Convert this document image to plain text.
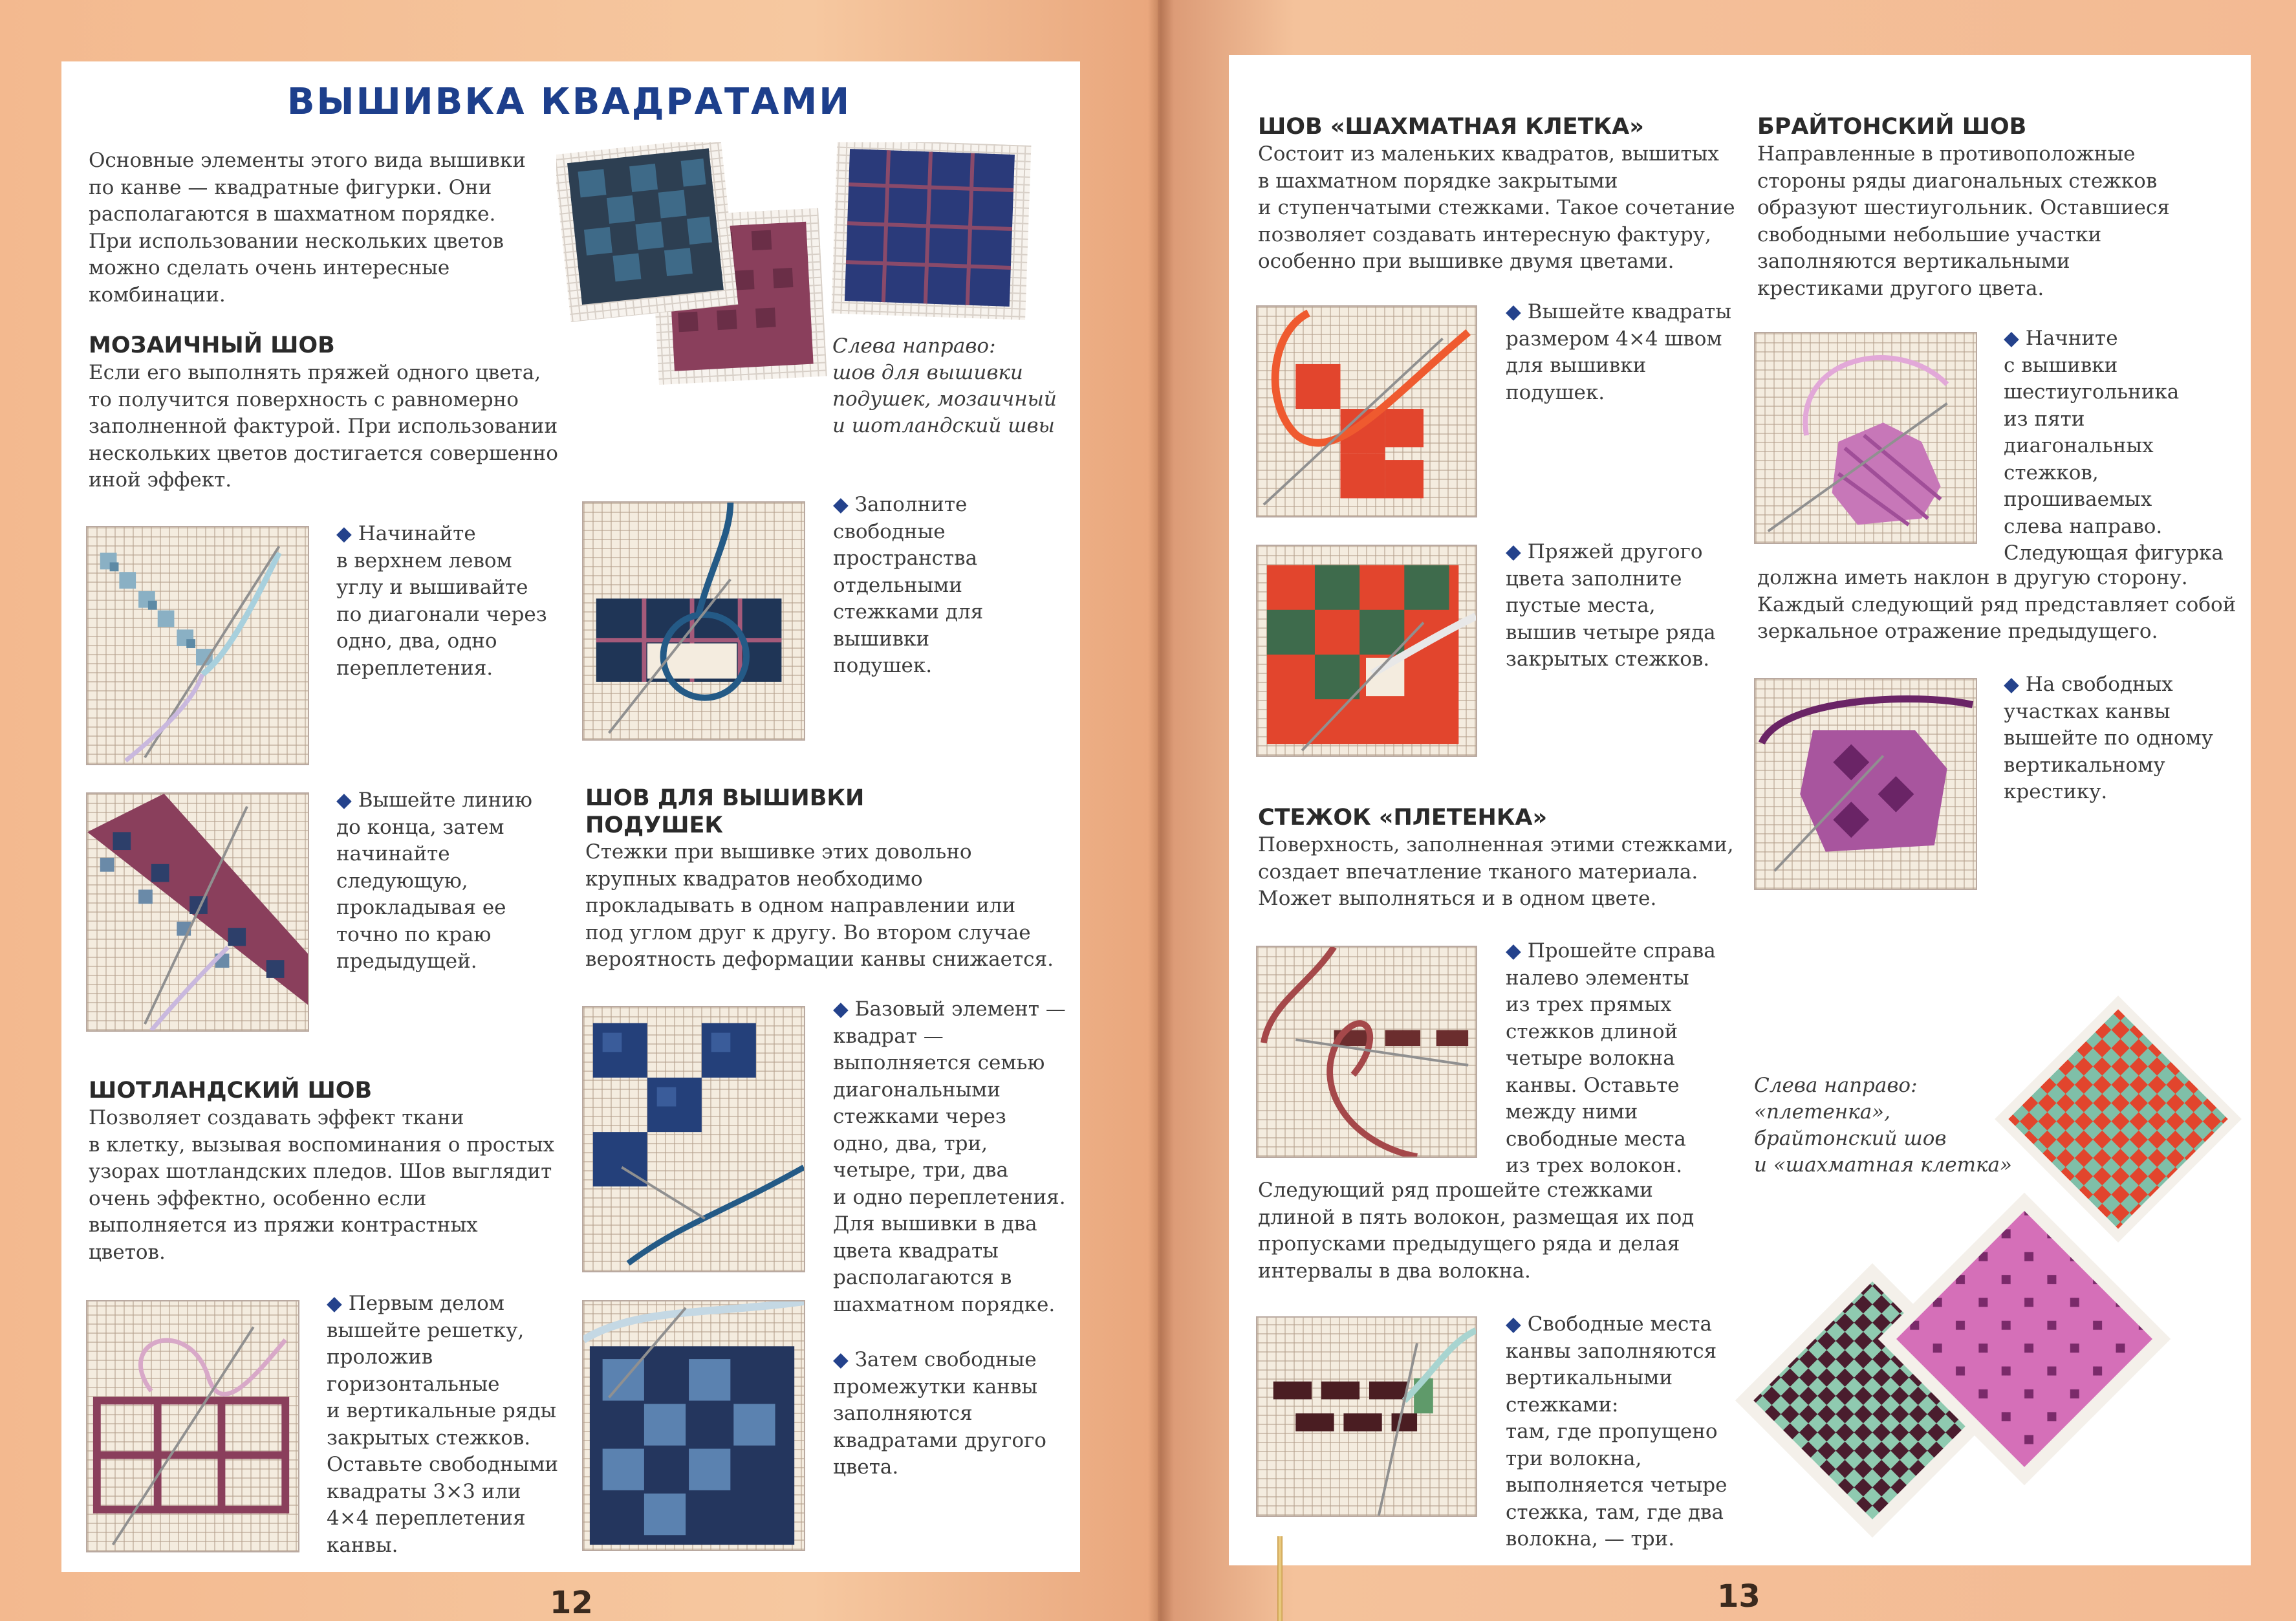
ВЫШИВКА КВАДРАТАМИ
Основные элементы этого вида вышивки
по канве — квадратные фигурки. Они
располагаются в шахматном порядке.
При использовании нескольких цветов
можно сделать очень интересные
комбинации.
Слева направо:
шов для вышивки
подушек, мозаичный
и шотландский швы
МОЗАИЧНЫЙ ШОВ
Если его выполнять пряжей одного цвета,
то получится поверхность с равномерно
заполненной фактурой. При использовании
нескольких цветов достигается совершенно
иной эффект.
◆ Начинайте
в верхнем левом
углу и вышивайте
по диагонали через
одно, два, одно
переплетения.
◆ Вышейте линию
до конца, затем
начинайте
следующую,
прокладывая ее
точно по краю
предыдущей.
◆ Заполните
свободные
пространства
отдельными
стежками для
вышивки
подушек.
ШОВ ДЛЯ ВЫШИВКИ
ПОДУШЕК
Стежки при вышивке этих довольно
крупных квадратов необходимо
прокладывать в одном направлении или
под углом друг к другу. Во втором случае
вероятность деформации канвы снижается.
◆ Базовый элемент —
квадрат —
выполняется семью
диагональными
стежками через
одно, два, три,
четыре, три, два
и одно переплетения.
Для вышивки в два
цвета квадраты
располагаются в
шахматном порядке.
◆ Затем свободные
промежутки канвы
заполняются
квадратами другого
цвета.
ШОТЛАНДСКИЙ ШОВ
Позволяет создавать эффект ткани
в клетку, вызывая воспоминания о простых
узорах шотландских пледов. Шов выглядит
очень эффектно, особенно если
выполняется из пряжи контрастных
цветов.
◆ Первым делом
вышейте решетку,
проложив
горизонтальные
и вертикальные ряды
закрытых стежков.
Оставьте свободными
квадраты 3×3 или
4×4 переплетения
канвы.
12
ШОВ «ШАХМАТНАЯ КЛЕТКА»
Состоит из маленьких квадратов, вышитых
в шахматном порядке закрытыми
и ступенчатыми стежками. Такое сочетание
позволяет создавать интересную фактуру,
особенно при вышивке двумя цветами.
◆ Вышейте квадраты
размером 4×4 швом
для вышивки
подушек.
◆ Пряжей другого
цвета заполните
пустые места,
вышив четыре ряда
закрытых стежков.
БРАЙТОНСКИЙ ШОВ
Направленные в противоположные
стороны ряды диагональных стежков
образуют шестиугольник. Оставшиеся
свободными небольшие участки
заполняются вертикальными
крестиками другого цвета.
◆ Начните
с вышивки
шестиугольника
из пяти
диагональных
стежков,
прошиваемых
слева направо.
Следующая фигурка
должна иметь наклон в другую сторону.
Каждый следующий ряд представляет собой
зеркальное отражение предыдущего.
◆ На свободных
участках канвы
вышейте по одному
вертикальному
крестику.
СТЕЖОК «ПЛЕТЕНКА»
Поверхность, заполненная этими стежками,
создает впечатление тканого материала.
Может выполняться и в одном цвете.
◆ Прошейте справа
налево элементы
из трех прямых
стежков длиной
четыре волокна
канвы. Оставьте
между ними
свободные места
из трех волокон.
Следующий ряд прошейте стежками
длиной в пять волокон, размещая их под
пропусками предыдущего ряда и делая
интервалы в два волокна.
◆ Свободные места
канвы заполняются
вертикальными
стежками:
там, где пропущено
три волокна,
выполняется четыре
стежка, там, где два
волокна, — три.
Слева направо:
«плетенка»,
брайтонский шов
и «шахматная клетка»
13
